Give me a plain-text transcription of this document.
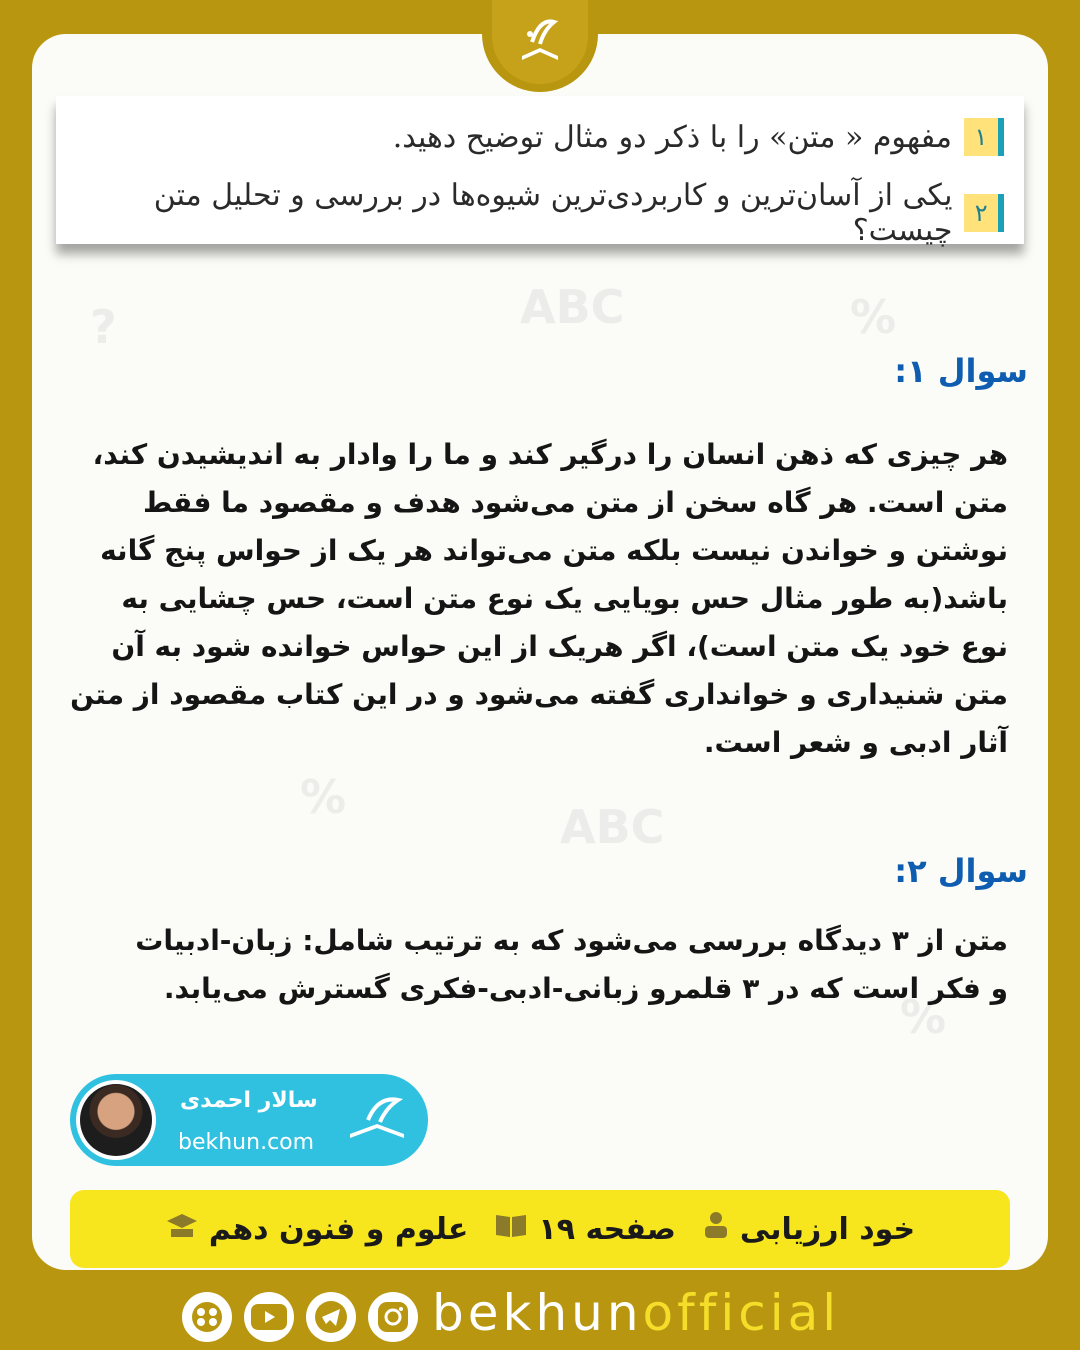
?	%
ABC
%
ABC
%
۱
مفهوم « متن» را با ذکر دو مثال توضیح دهید.
۲
یکی از آسان‌ترین و کاربردی‌ترین شیوه‌ها در بررسی و تحلیل متن چیست؟
سوال ۱:
هر چیزی که ذهن انسان را درگیر کند و ما را وادار به اندیشیدن کند،
متن است. هر گاه سخن از متن می‌شود هدف و مقصود ما فقط
نوشتن و خواندن نیست بلکه متن می‌تواند هر یک از حواس پنج گانه
باشد(به طور مثال حس بویایی یک نوع متن است، حس چشایی به
نوع خود یک متن است)، اگر هریک از این حواس خوانده شود به آن
متن شنیداری و خوانداری گفته می‌شود و در این کتاب مقصود از متن
آثار ادبی و شعر است.
سوال ۲:
متن از ۳ دیدگاه بررسی می‌شود که به ترتیب شامل: زبان-ادبیات
و فکر است که در ۳ قلمرو زبانی-ادبی-فکری گسترش می‌یابد.
سالار احمدی
bekhun.com
خود ارزیابی
صفحه ۱۹
علوم و فنون دهم
bekhunofficial
